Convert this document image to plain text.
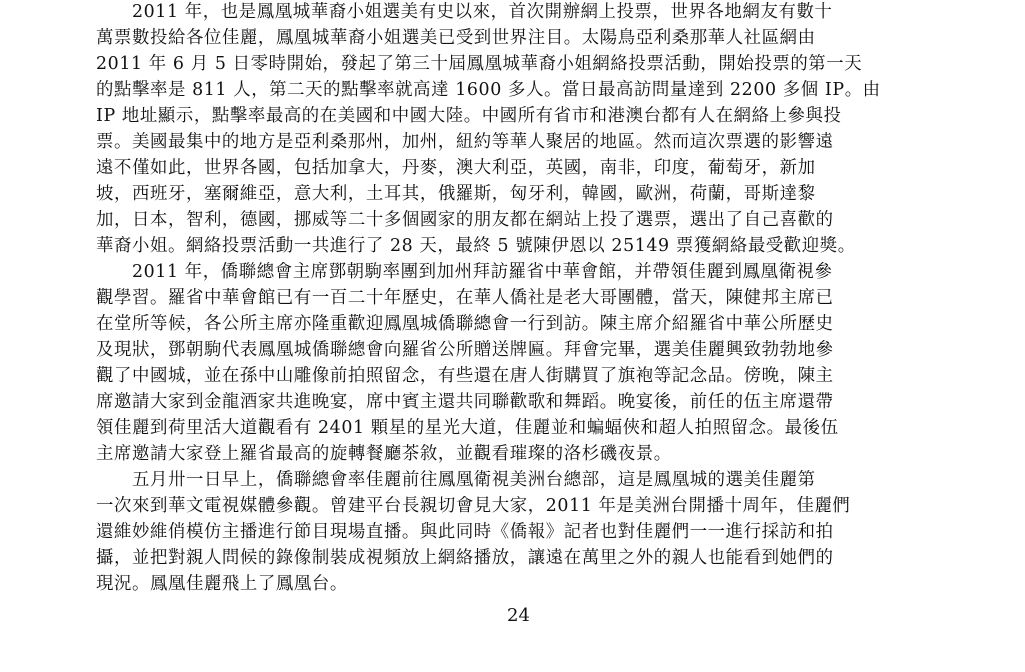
　　2011 年，也是鳳凰城華裔小姐選美有史以來，首次開辦網上投票，世界各地網友有數十
萬票數投給各位佳麗，鳳凰城華裔小姐選美已受到世界注目。太陽鳥亞利桑那華人社區網由
2011 年 6 月 5 日零時開始，發起了第三十屆鳳凰城華裔小姐網絡投票活動，開始投票的第一天
的點擊率是 811 人，第二天的點擊率就高達 1600 多人。當日最高訪問量達到 2200 多個 IP。由
IP 地址顯示，點擊率最高的在美國和中國大陸。中國所有省市和港澳台都有人在網絡上參與投
票。美國最集中的地方是亞利桑那州，加州，紐約等華人聚居的地區。然而這次票選的影響遠
遠不僅如此，世界各國，包括加拿大，丹麥，澳大利亞，英國，南非，印度，葡萄牙，新加
坡，西班牙，塞爾維亞，意大利，土耳其，俄羅斯，匈牙利，韓國，歐洲，荷蘭，哥斯達黎
加，日本，智利，德國，挪威等二十多個國家的朋友都在網站上投了選票，選出了自己喜歡的
華裔小姐。網絡投票活動一共進行了 28 天，最終 5 號陳伊恩以 25149 票獲網絡最受歡迎獎。
　　2011 年，僑聯總會主席鄧朝駒率團到加州拜訪羅省中華會館，并帶領佳麗到鳳凰衛視參
觀學習。羅省中華會館已有一百二十年歷史，在華人僑社是老大哥團體，當天，陳健邦主席已
在堂所等候，各公所主席亦隆重歡迎鳳凰城僑聯總會一行到訪。陳主席介紹羅省中華公所歷史
及現狀，鄧朝駒代表鳳凰城僑聯總會向羅省公所贈送牌匾。拜會完畢，選美佳麗興致勃勃地參
觀了中國城，並在孫中山雕像前拍照留念，有些還在唐人街購買了旗袍等記念品。傍晚，陳主
席邀請大家到金龍酒家共進晚宴，席中賓主還共同聯歡歌和舞蹈。晚宴後，前任的伍主席還帶
領佳麗到荷里活大道觀看有 2401 顆星的星光大道，佳麗並和蝙蝠俠和超人拍照留念。最後伍
主席邀請大家登上羅省最高的旋轉餐廳茶敘，並觀看璀璨的洛杉磯夜景。
　　五月卅一日早上，僑聯總會率佳麗前往鳳凰衛視美洲台總部，這是鳳凰城的選美佳麗第
一次來到華文電視媒體參觀。曾建平台長親切會見大家，2011 年是美洲台開播十周年，佳麗們
還維妙維俏模仿主播進行節目現場直播。與此同時《僑報》記者也對佳麗們一一進行採訪和拍
攝，並把對親人問候的錄像制裝成視頻放上網絡播放，讓遠在萬里之外的親人也能看到她們的
現況。鳳凰佳麗飛上了鳳凰台。
24
